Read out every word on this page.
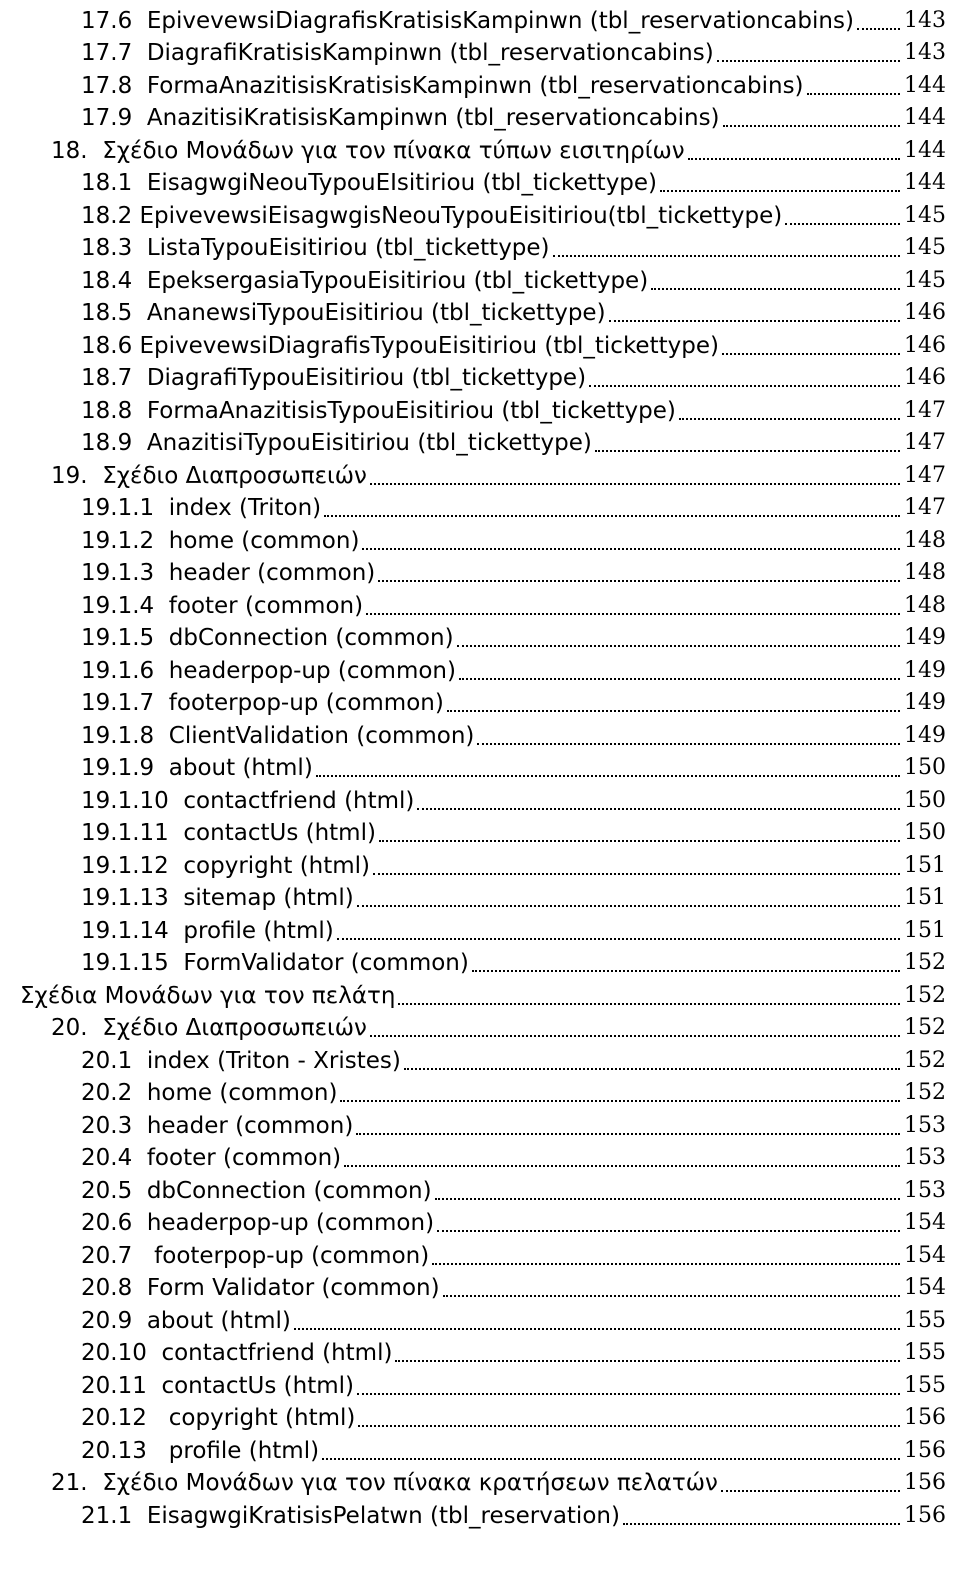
17.6  EpivevewsiDiagrafisKratisisKampinwn (tbl_reservationcabins) 143
17.7  DiagrafiKratisisKampinwn (tbl_reservationcabins)	143
17.8  FormaAnazitisisKratisisKampinwn (tbl_reservationcabins)	144
17.9  AnazitisiKratisisKampinwn (tbl_reservationcabins)	144
18.  Σχέδιο Μονάδων για τον πίνακα τύπων εισιτηρίων	144
18.1  EisagwgiNeouTypouEIsitiriou (tbl_tickettype)	144
18.2 EpivevewsiEisagwgisNeouTypouEisitiriou(tbl_tickettype)	145
18.3  ListaTypouEisitiriou (tbl_tickettype)	145
18.4  EpeksergasiaTypouEisitiriou (tbl_tickettype)	145
18.5  AnanewsiTypouEisitiriou (tbl_tickettype)	146
18.6 EpivevewsiDiagrafisTypouEisitiriou (tbl_tickettype)	146
18.7  DiagrafiTypouEisitiriou (tbl_tickettype)	146
18.8  FormaAnazitisisTypouEisitiriou (tbl_tickettype)	147
18.9  AnazitisiTypouEisitiriou (tbl_tickettype)	147
19.  Σχέδιο Διαπροσωπειών	147
19.1.1  index (Triton)	147
19.1.2  home (common)	148
19.1.3  header (common)	148
19.1.4  footer (common)	148
19.1.5  dbConnection (common)	149
19.1.6  headerpop-up (common)	149
19.1.7  footerpop-up (common)	149
19.1.8  ClientValidation (common)	149
19.1.9  about (html)	150
19.1.10  contactfriend (html)	150
19.1.11  contactUs (html)	150
19.1.12  copyright (html)	151
19.1.13  sitemap (html)	151
19.1.14  profile (html)	151
19.1.15  FormValidator (common)	152
Σχέδια Μονάδων για τον πελάτη	152
20.  Σχέδιο Διαπροσωπειών	152
20.1  index (Triton - Xristes)	152
20.2  home (common)	152
20.3  header (common)	153
20.4  footer (common)	153
20.5  dbConnection (common)	153
20.6  headerpop-up (common)	154
20.7   footerpop-up (common)	154
20.8  Form Validator (common)	154
20.9  about (html)	155
20.10  contactfriend (html)	155
20.11  contactUs (html)	155
20.12   copyright (html)	156
20.13   profile (html)	156
21.  Σχέδιο Μονάδων για τον πίνακα κρατήσεων πελατών	156
21.1  EisagwgiKratisisPelatwn (tbl_reservation)	156
